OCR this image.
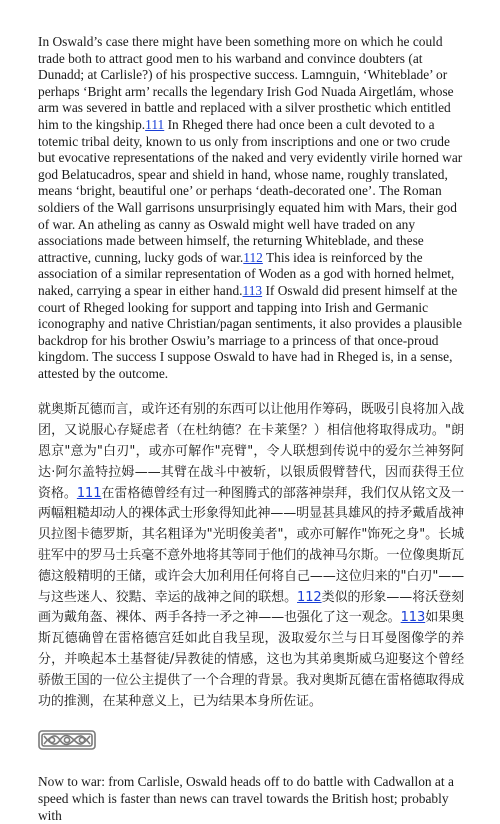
In Oswald’s case there might have been something more on which he could trade both to attract good men to his warband and convince doubters (at Dunadd; at Carlisle?) of his prospective success. Lamnguin, ‘Whiteblade’ or perhaps ‘Bright arm’ recalls the legendary Irish God Nuada Airgetlám, whose arm was severed in battle and replaced with a silver prosthetic which entitled him to the kingship.111 In Rheged there had once been a cult devoted to a totemic tribal deity, known to us only from inscriptions and one or two crude but evocative representations of the naked and very evidently virile horned war god Belatucadros, spear and shield in hand, whose name, roughly translated, means ‘bright, beautiful one’ or perhaps ‘death-decorated one’. The Roman soldiers of the Wall garrisons unsurprisingly equated him with Mars, their god of war. An atheling as canny as Oswald might well have traded on any associations made between himself, the returning Whiteblade, and these attractive, cunning, lucky gods of war.112 This idea is reinforced by the association of a similar representation of Woden as a god with horned helmet, naked, carrying a spear in either hand.113 If Oswald did present himself at the court of Rheged looking for support and tapping into Irish and Germanic iconography and native Christian/pagan sentiments, it also provides a plausible backdrop for his brother Oswiu’s marriage to a princess of that once-proud kingdom. The success I suppose Oswald to have had in Rheged is, in a sense, attested by the outcome.

就奥斯瓦德而言，或许还有别的东西可以让他用作筹码，既吸引良将加入战团，又说服心存疑虑者（在杜纳德？在卡莱堡？）相信他将取得成功。"朗恩京"意为"白刃"，或亦可解作"亮臂"，令人联想到传说中的爱尔兰神努阿达·阿尔盖特拉姆——其臂在战斗中被斩，以银质假臂替代，因而获得王位资格。111在雷格德曾经有过一种图腾式的部落神崇拜，我们仅从铭文及一两幅粗糙却动人的裸体武士形象得知此神——明显甚具雄风的持矛戴盾战神贝拉图卡德罗斯，其名粗译为"光明俊美者"，或亦可解作"饰死之身"。长城驻军中的罗马士兵毫不意外地将其等同于他们的战神马尔斯。一位像奥斯瓦德这般精明的王储，或许会大加利用任何将自己——这位归来的"白刃"——与这些迷人、狡黠、幸运的战神之间的联想。112类似的形象——将沃登刻画为戴角盔、裸体、两手各持一矛之神——也强化了这一观念。113如果奥斯瓦德确曾在雷格德宫廷如此自我呈现，汲取爱尔兰与日耳曼图像学的养分，并唤起本土基督徒/异教徒的情感，这也为其弟奥斯威乌迎娶这个曾经骄傲王国的一位公主提供了一个合理的背景。我对奥斯瓦德在雷格德取得成功的推测，在某种意义上，已为结果本身所佐证。

Now to war: from Carlisle, Oswald heads off to do battle with Cadwallon at a speed which is faster than news can travel towards the British host; probably with
